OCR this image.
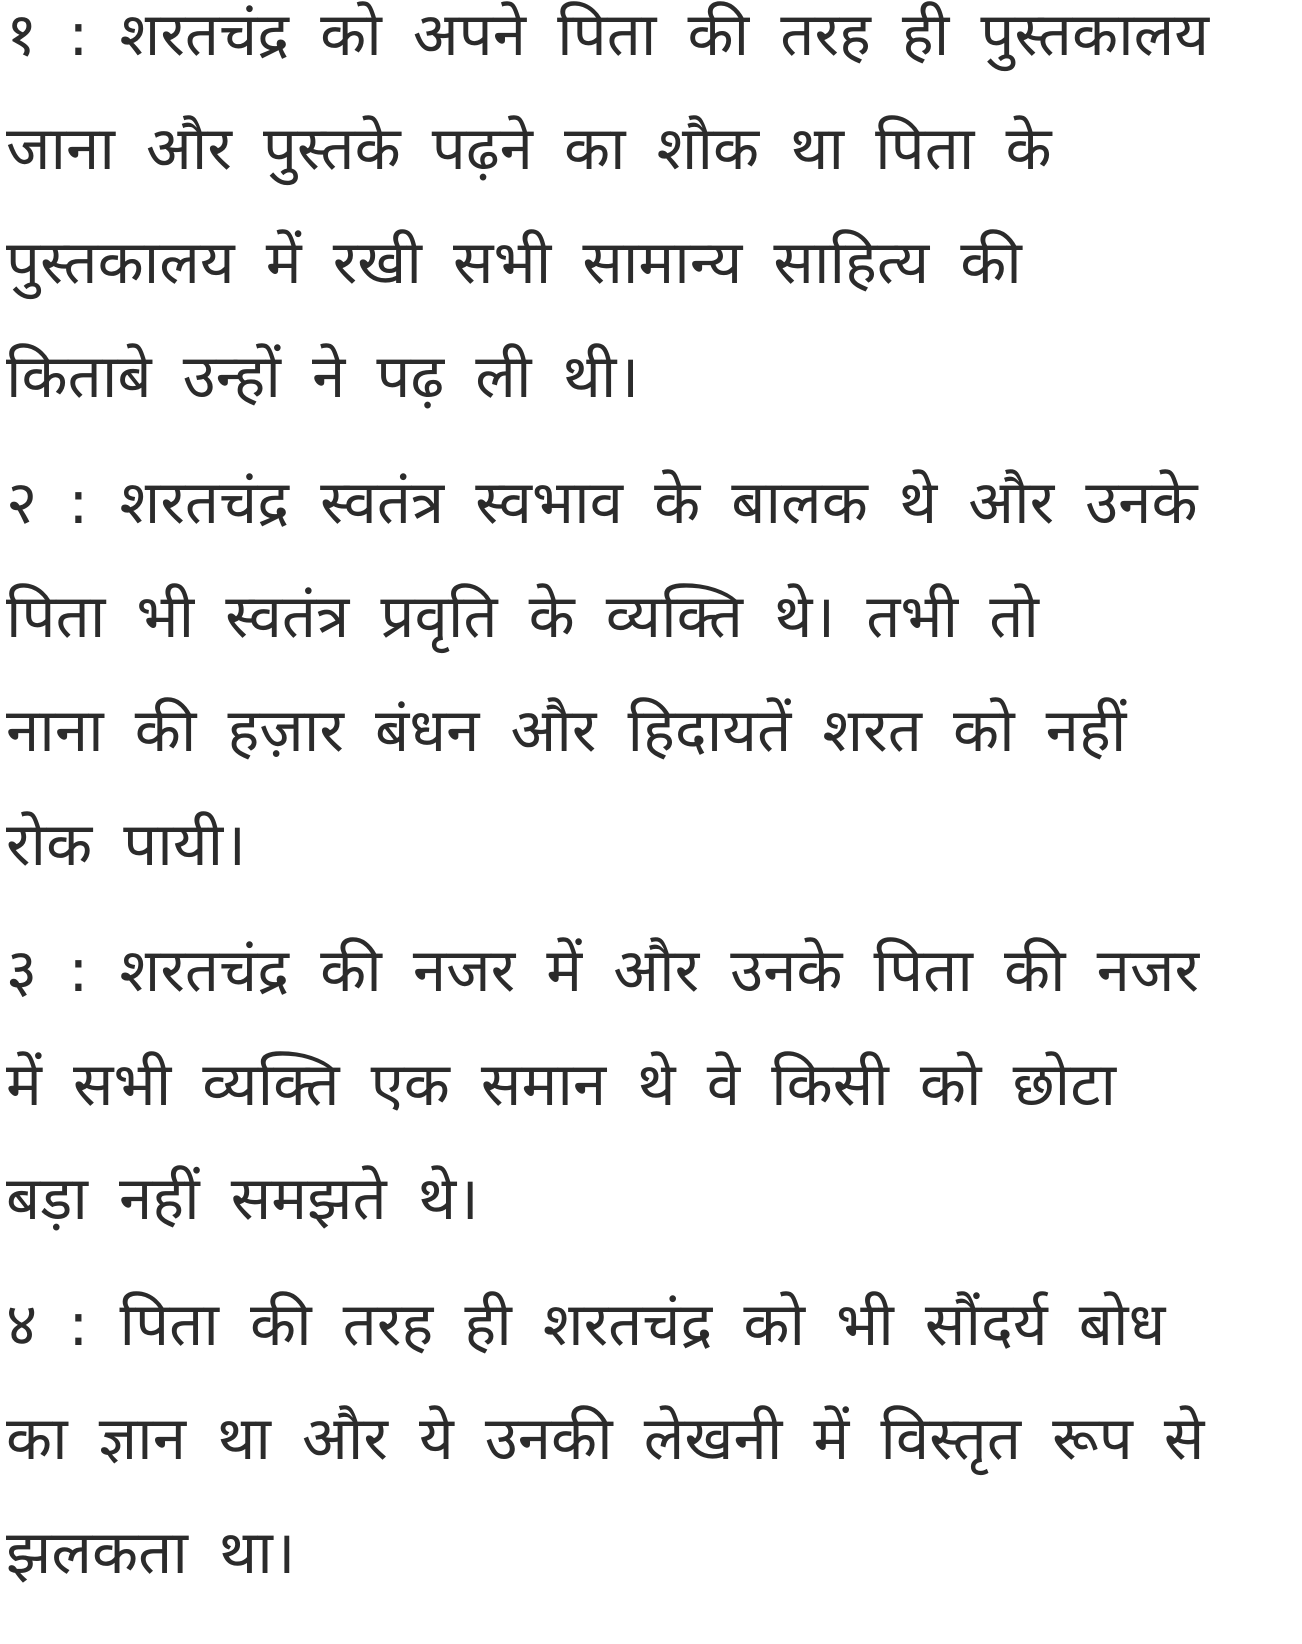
१ : शरतचंद्र को अपने पिता की तरह ही पुस्तकालय
जाना और पुस्तके पढ़ने का शौक था पिता के
पुस्तकालय में रखी सभी सामान्य साहित्य की
किताबे उन्हों ने पढ़ ली थी।
२ : शरतचंद्र स्वतंत्र स्वभाव के बालक थे और उनके
पिता भी स्वतंत्र प्रवृति के व्यक्ति थे। तभी तो
नाना की हज़ार बंधन और हिदायतें शरत को नहीं
रोक पायी।
३ : शरतचंद्र की नजर में और उनके पिता की नजर
में सभी व्यक्ति एक समान थे वे किसी को छोटा
बड़ा नहीं समझते थे।
४ : पिता की तरह ही शरतचंद्र को भी सौंदर्य बोध
का ज्ञान था और ये उनकी लेखनी में विस्तृत रूप से
झलकता था।
